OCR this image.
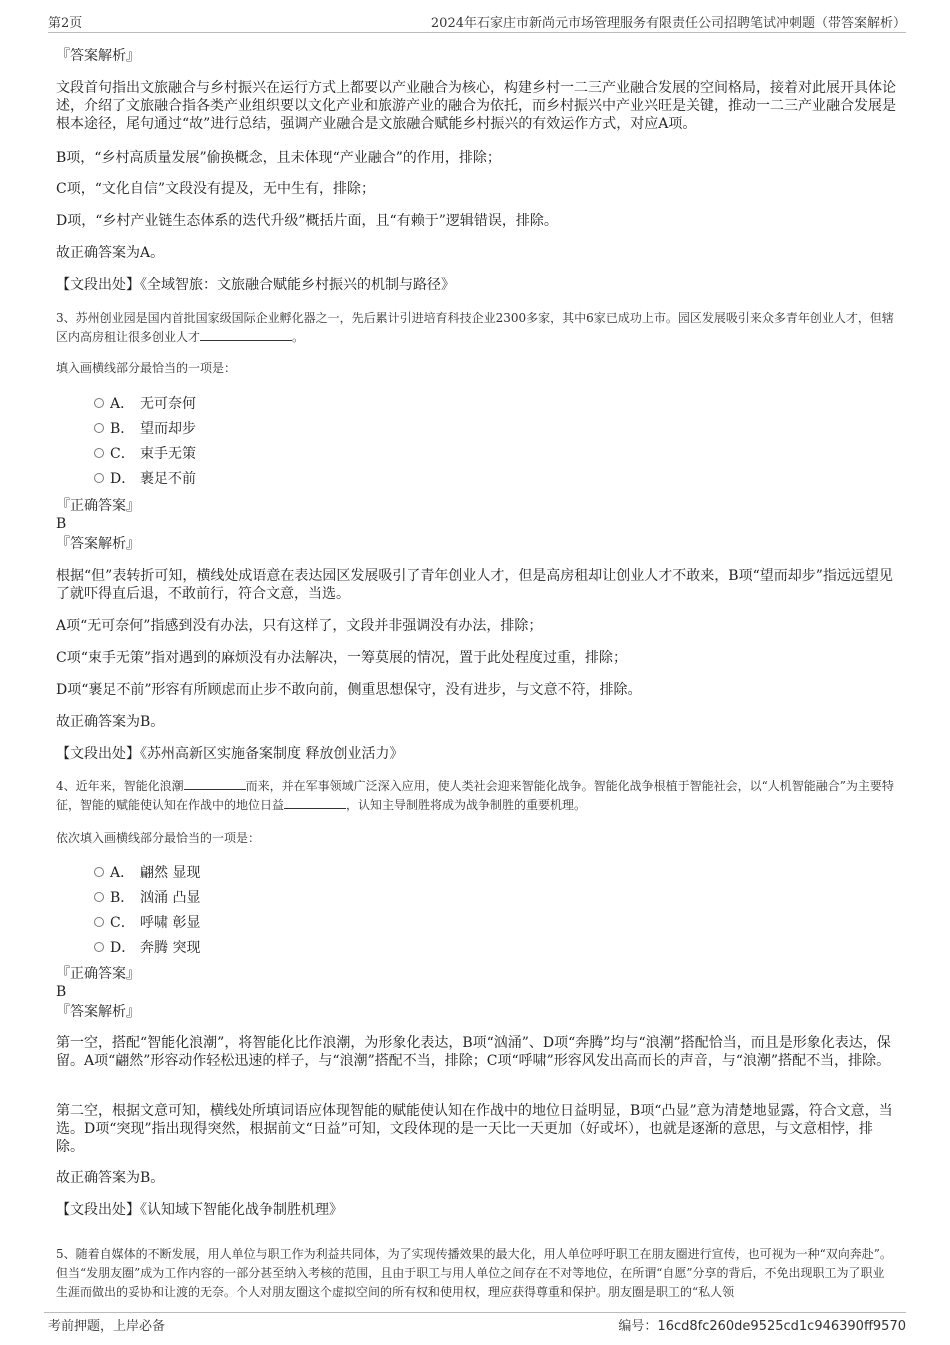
第2页	2024年石家庄市新尚元市场管理服务有限责任公司招聘笔试冲刺题（带答案解析）
『答案解析』
文段首句指出文旅融合与乡村振兴在运行方式上都要以产业融合为核心，构建乡村一二三产业融合发展的空间格局，接着对此展开具体论述，介绍了文旅融合指各类产业组织要以文化产业和旅游产业的融合为依托，而乡村振兴中产业兴旺是关键，推动一二三产业融合发展是根本途径，尾句通过“故”进行总结，强调产业融合是文旅融合赋能乡村振兴的有效运作方式，对应A项。
B项，“乡村高质量发展”偷换概念，且未体现“产业融合”的作用，排除；
C项，“文化自信”文段没有提及，无中生有，排除；
D项，“乡村产业链生态体系的迭代升级”概括片面，且“有赖于”逻辑错误，排除。
故正确答案为A。
【文段出处】《全域智旅：文旅融合赋能乡村振兴的机制与路径》
3、苏州创业园是国内首批国家级国际企业孵化器之一，先后累计引进培育科技企业2300多家，其中6家已成功上市。园区发展吸引来众多青年创业人才，但辖区内高房租让很多创业人才	。
填入画横线部分最恰当的一项是：
A． 无可奈何
B． 望而却步
C． 束手无策
D． 裹足不前
『正确答案』
B
『答案解析』
根据“但”表转折可知，横线处成语意在表达园区发展吸引了青年创业人才，但是高房租却让创业人才不敢来，B项“望而却步”指远远望见了就吓得直后退，不敢前行，符合文意，当选。
A项“无可奈何”指感到没有办法，只有这样了，文段并非强调没有办法，排除；
C项“束手无策”指对遇到的麻烦没有办法解决，一筹莫展的情况，置于此处程度过重，排除；
D项“裹足不前”形容有所顾虑而止步不敢向前，侧重思想保守，没有进步，与文意不符，排除。
故正确答案为B。
【文段出处】《苏州高新区实施备案制度 释放创业活力》
4、近年来，智能化浪潮	而来，并在军事领域广泛深入应用，使人类社会迎来智能化战争。智能化战争根植于智能社会，以“人机智能融合”为主要特征，智能的赋能使认知在作战中的地位日益	，认知主导制胜将成为战争制胜的重要机理。
依次填入画横线部分最恰当的一项是：
A． 翩然 显现
B． 汹涌 凸显
C． 呼啸 彰显
D． 奔腾 突现
『正确答案』
B
『答案解析』
第一空，搭配“智能化浪潮”，将智能化比作浪潮，为形象化表达，B项“汹涌”、D项“奔腾”均与“浪潮”搭配恰当，而且是形象化表达，保留。A项“翩然”形容动作轻松迅速的样子，与“浪潮”搭配不当，排除；C项“呼啸”形容风发出高而长的声音，与“浪潮”搭配不当，排除。
第二空，根据文意可知，横线处所填词语应体现智能的赋能使认知在作战中的地位日益明显，B项“凸显”意为清楚地显露，符合文意，当选。D项“突现”指出现得突然，根据前文“日益”可知，文段体现的是一天比一天更加（好或坏），也就是逐渐的意思，与文意相悖，排除。
故正确答案为B。
【文段出处】《认知域下智能化战争制胜机理》
5、随着自媒体的不断发展，用人单位与职工作为利益共同体，为了实现传播效果的最大化，用人单位呼吁职工在朋友圈进行宣传，也可视为一种“双向奔赴”。但当“发朋友圈”成为工作内容的一部分甚至纳入考核的范围，且由于职工与用人单位之间存在不对等地位，在所谓“自愿”分享的背后，不免出现职工为了职业生涯而做出的妥协和让渡的无奈。个人对朋友圈这个虚拟空间的所有权和使用权，理应获得尊重和保护。朋友圈是职工的“私人领
考前押题，上岸必备	编号：16cd8fc260de9525cd1c946390ff9570
